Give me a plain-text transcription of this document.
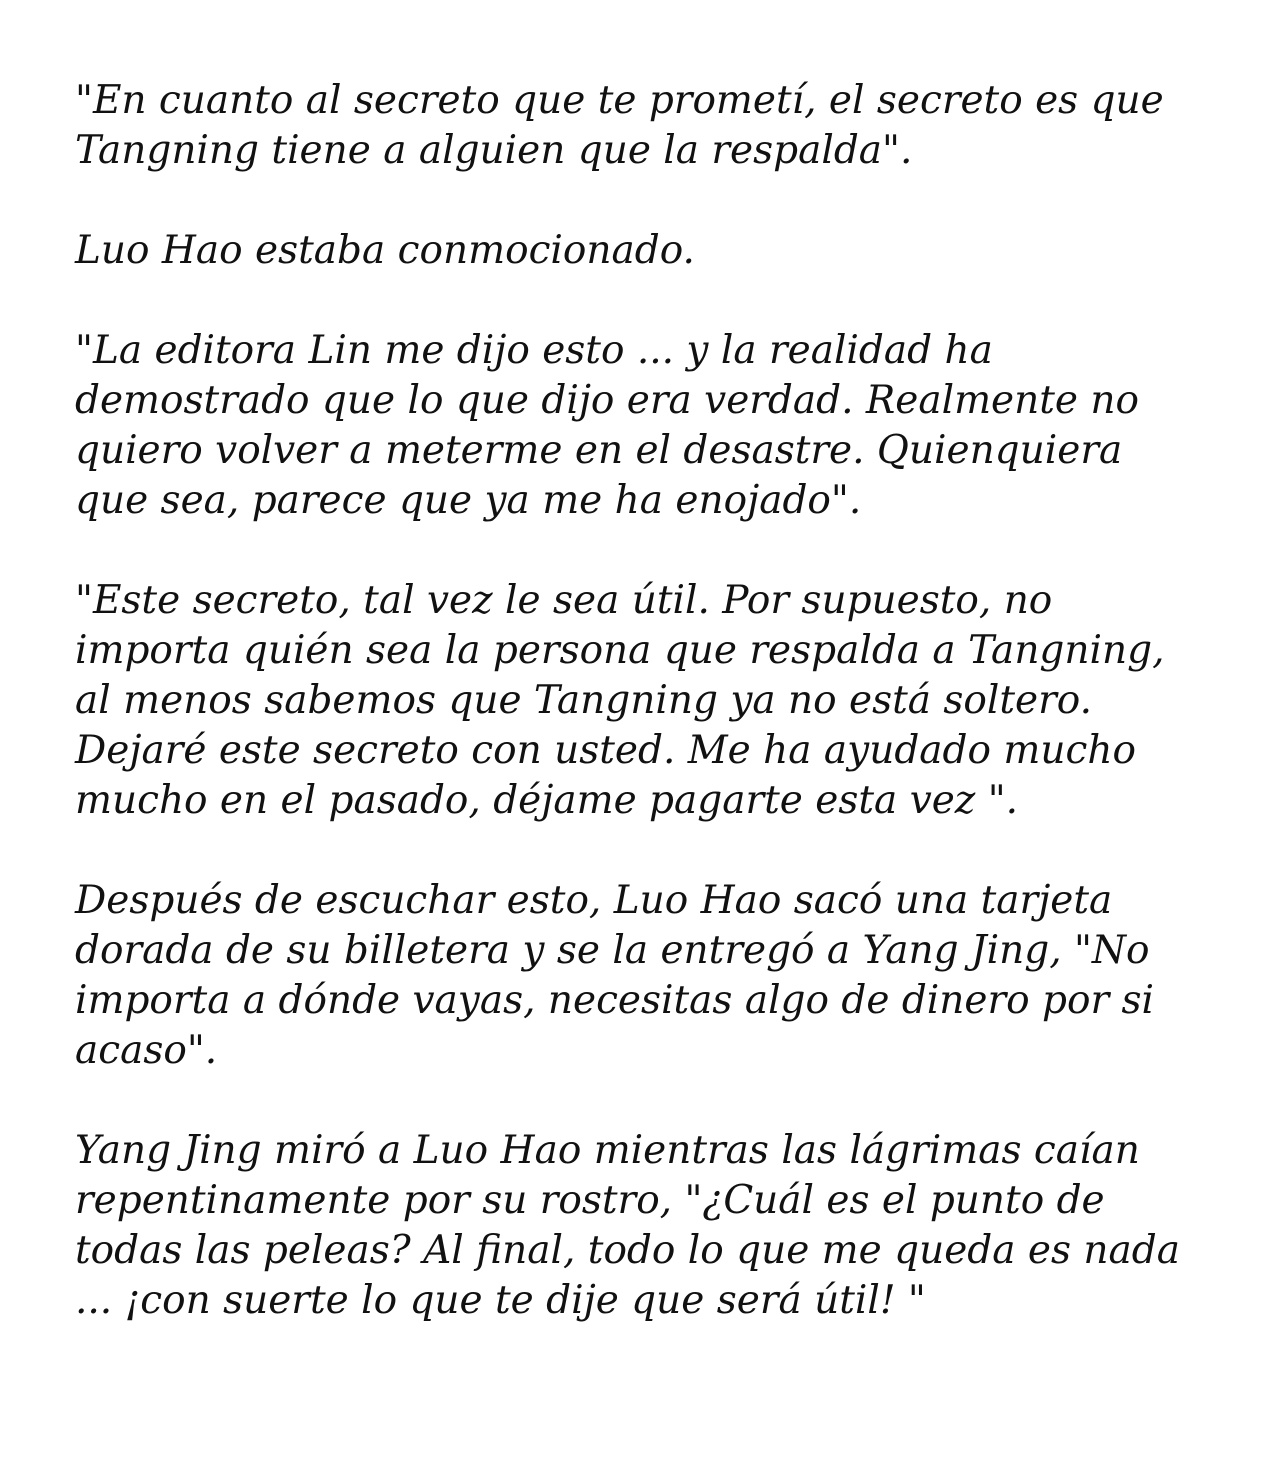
"En cuanto al secreto que te prometí, el secreto es que Tangning tiene a alguien que la respalda".

Luo Hao estaba conmocionado.

"La editora Lin me dijo esto ... y la realidad ha demostrado que lo que dijo era verdad. Realmente no quiero volver a meterme en el desastre. Quienquiera que sea, parece que ya me ha enojado".

"Este secreto, tal vez le sea útil. Por supuesto, no importa quién sea la persona que respalda a Tangning, al menos sabemos que Tangning ya no está soltero. Dejaré este secreto con usted. Me ha ayudado mucho mucho en el pasado, déjame pagarte esta vez ".

Después de escuchar esto, Luo Hao sacó una tarjeta dorada de su billetera y se la entregó a Yang Jing, "No importa a dónde vayas, necesitas algo de dinero por si acaso".

Yang Jing miró a Luo Hao mientras las lágrimas caían repentinamente por su rostro, "¿Cuál es el punto de todas las peleas? Al final, todo lo que me queda es nada ... ¡con suerte lo que te dije que será útil! "
